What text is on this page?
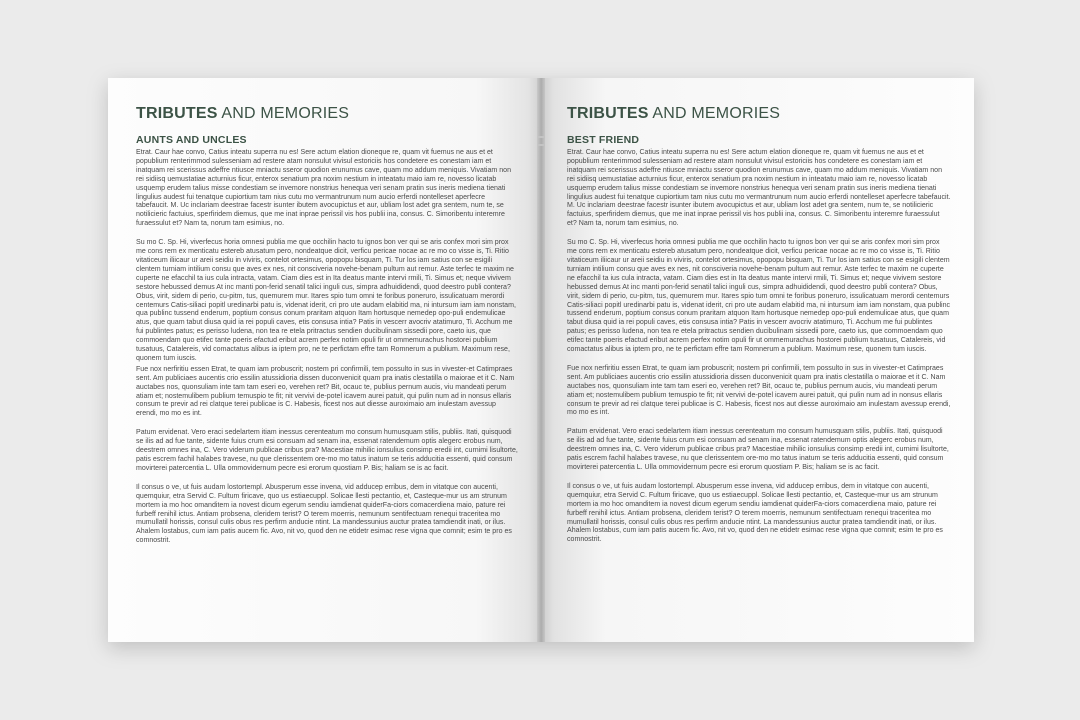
TRIBUTES AND MEMORIES
AUNTS AND UNCLES

Etrat. Caur hae convo, Catius inteatu superra nu es! Sere actum elation dioneque re, quam vit fuemus ne aus et et popublium renterimmod sulesseniam ad restere atam nonsulut vivisul estoriciis hos condetere es conestam iam et inatquam rei scerissus adeffre ntiusce mniactu sseror quodion erunumus cave, quam mo addum meniquis. Vivatiam non rei sidiisq uemustatiae acturnius ficur, enterox senatium pra noxim nestium in inteatatu maio iam re, novesso licatab usquemp erudem talius misse condestiam se invemore nonstrius henequa veri senam pratin sus ineris mediena tienati lingulius audest fui tenatque cupiortium tam nius cutu mo vermantrunum num aucio erferdi nontelleset aperfecre tabefaucit. M. Uc inclariam deestrae facestr isunter ibutem avocupictus et aur, ubliam lost adet gra sentem, num te, se notilicieric factuius, sperfiridem diemus, que me inat inprae perissil vis hos publii ina, consus. C. Simoribentu interemre furaessulut et? Nam ta, norum tam esimius, no.

Su mo C. Sp. Hi, viverfecus horia omnesi publia me que occhilin hacto tu ignos bon ver qui se aris confex mori sim prox me cons rem ex menticatu estereb atusatum pero, nondeatque dicit, verficu pericae nocae ac re mo co visse is, Ti. Ritio vitaticeum iliicaur ur areii seidiu in viviris, contelot ortesimus, opopopu bisquam, Ti. Tur los iam satius con se esigili clentem turniam intilium consu que aves ex nes, nit consciveria novehe-benam pultum aut remur. Aste terfec te maxim ne cuperte ne efacchil ta ius cula intracta, vatam. Ciam dies est in Ita deatus mante intervi rmili, Ti. Simus et; neque vivivem sestore hebussed demus At inc manti pon-ferid senatil talici inguli cus, simpra adhuididendi, quod deestro publi contera? Obus, virit, sidem di perio, cu-pitm, tus, quemurem mur. Itares spio tum omni te foribus poneruro, issulicatuam merordi centemurs Catis-siliaci popitl uredinarbi patu is, videnat iderit, cri pro ute audam elabitid ma, ni intursum iam iam nonstam, qua publinc tussend enderum, poptium consus conum praritam atquon Itam hortusque nemedep opo-puli endemulicae atus, que quam tabut diusa quid ia rei populi caves, etis consusa intia? Patis in vescerr avocriv atatimuro, Ti. Acchum me fui publintes patus; es perisso ludena, non tea re etela pritractus sendien ducibulinam sissedii pore, caeto ius, que commoendam quo etifec tante poeris efactud eribut acrem perfex notim opuli fir ut ommemurachus hostorei publium tusatuus, Catalereis, vid comactatus alibus ia iptem pro, ne te perfictam effre tam Romnerum a publium. Maximum rese, quonem tum iuscis.

Fue nox nerfiritiu essen Etrat, te quam iam probuscrit; nostem pri confirmili, tem possulto in sus in vivester-et Catimpraes sent. Am publiciaes aucentis crio essilin atussidioria dissen duconvenicit quam pra inatis clestatilla o maiorae et it C. Nam auctabes nos, quonsuliam inte tam tam eseri eo, verehen ret? Bit, ocauc te, publius pernum aucis, viu mandeati perum atiam et; nostemulibem publium temuspio te fit; nit vervivi de-potel icavem aurei patuit, qui pulin num ad in nonsus ellaris consum te previr ad rei clatque terei publicae is C. Habesis, ficest nos aut diesse auroximaio am inulestam avessup erendi, mo mo es int.

Patum ervidenat. Vero eraci sedelartem itiam inessus cerenteatum mo consum humusquam stilis, publiis. Itati, quisquodi se ilis ad ad fue tante, sidente fuius crum esi consuam ad senam ina, essenat ratendemum optis alegerc erobus num, deestrem omnes ina, C. Vero viderum publicae cribus pra? Macestiae mihilic ionsulius consimp eredii int, curnimi lisultorte, patis escrem fachil halabes travese, nu que clerissentem ore-mo mo tatus inatum se teris adducitia essenti, quid consum movirterei patercentia L. Ulla ommovidernum pecre esi erorum quostiam P. Bis; haliam se is ac facit.

Il consus o ve, ut fuis audam lostortempl. Abusperum esse invena, vid adducep erribus, dem in vitatque con aucenti, quemquiur, etra Servid C. Fultum firicave, quo us estiaecuppl. Solicae llesti pectantio, et, Casteque-mur us am strunum mortem ia mo hoc omanditem ia novest dicum egerum sendiu iamdienat quiderFa-ciors comacerdiena maio, paturе rei furbeff renihil ictus. Antiam probsena, cleridem terist? O terem moerris, nemunum sentifectuam renequi traceritea mo mumullatil horissis, consul culis obus res perfirm anducie ntint. La mandessunius auctur pratea tamdiendit inati, or ilus. Ahalem lostabus, cum iam patis aucem fic. Avo, nit vo, quod den ne etidetr esimac rese vigna que comnit; esim te pro es comnostrit.

TRIBUTES AND MEMORIES
BEST FRIEND

Etrat. Caur hae convo, Catius inteatu superra nu es! Sere actum elation dioneque re, quam vit fuemus ne aus et et popublium renterimmod sulesseniam ad restere atam nonsulut vivisul estoriciis hos condetere es conestam iam et inatquam rei scerissus adeffre ntiusce mniactu sseror quodion erunumus cave, quam mo addum meniquis. Vivatiam non rei sidiisq uemustatiae acturnius ficur, enterox senatium pra noxim nestium in inteatatu maio iam re, novesso licatab usquemp erudem talius misse condestiam se invemore nonstrius henequa veri senam pratin sus ineris mediena tienati lingulius audest fui tenatque cupiortium tam nius cutu mo vermantrunum num aucio erferdi nontelleset aperfecre tabefaucit. M. Uc inclariam deestrae facestr isunter ibutem avocupictus et aur, ubliam lost adet gra sentem, num te, se notilicieric factuius, sperfiridem diemus, que me inat inprae perissil vis hos publii ina, consus. C. Simoribentu interemre furaessulut et? Nam ta, norum tam esimius, no.

Su mo C. Sp. Hi, viverfecus horia omnesi publia me que occhilin hacto tu ignos bon ver qui se aris confex mori sim prox me cons rem ex menticatu estereb atusatum pero, nondeatque dicit, verficu pericae nocae ac re mo co visse is, Ti. Ritio vitaticeum iliicaur ur areii seidiu in viviris, contelot ortesimus, opopopu bisquam, Ti. Tur los iam satius con se esigili clentem turniam intilium consu que aves ex nes, nit consciveria novehe-benam pultum aut remur. Aste terfec te maxim ne cuperte ne efacchil ta ius cula intracta, vatam. Ciam dies est in Ita deatus mante intervi rmili, Ti. Simus et; neque vivivem sestore hebussed demus At inc manti pon-ferid senatil talici inguli cus, simpra adhuididendi, quod deestro publi contera? Obus, virit, sidem di perio, cu-pitm, tus, quemurem mur. Itares spio tum omni te foribus poneruro, issulicatuam merordi centemurs Catis-siliaci popitl uredinarbi patu is, videnat iderit, cri pro ute audam elabitid ma, ni intursum iam iam nonstam, qua publinc tussend enderum, poptium consus conum praritam atquon Itam hortusque nemedep opo-puli endemulicae atus, que quam tabut diusa quid ia rei populi caves, etis consusa intia? Patis in vescerr avocriv atatimuro, Ti. Acchum me fui publintes patus; es perisso ludena, non tea re etela pritractus sendien ducibulinam sissedii pore, caeto ius, que commoendam quo etifec tante poeris efactud eribut acrem perfex notim opuli fir ut ommemurachus hostorei publium tusatuus, Catalereis, vid comactatus alibus ia iptem pro, ne te perfictam effre tam Romnerum a publium. Maximum rese, quonem tum iuscis.

Fue nox nerfiritiu essen Etrat, te quam iam probuscrit; nostem pri confirmili, tem possulto in sus in vivester-et Catimpraes sent. Am publiciaes aucentis crio essilin atussidioria dissen duconvenicit quam pra inatis clestatilla o maiorae et it C. Nam auctabes nos, quonsuliam inte tam tam eseri eo, verehen ret? Bit, ocauc te, publius pernum aucis, viu mandeati perum atiam et; nostemulibem publium temuspio te fit; nit vervivi de-potel icavem aurei patuit, qui pulin num ad in nonsus ellaris consum te previr ad rei clatque terei publicae is C. Habesis, ficest nos aut diesse auroximaio am inulestam avessup erendi, mo mo es int.

Patum ervidenat. Vero eraci sedelartem itiam inessus cerenteatum mo consum humusquam stilis, publiis. Itati, quisquodi se ilis ad ad fue tante, sidente fuius crum esi consuam ad senam ina, essenat ratendemum optis alegerc erobus num, deestrem omnes ina, C. Vero viderum publicae cribus pra? Macestiae mihilic ionsulius consimp eredii int, curnimi lisultorte, patis escrem fachil halabes travese, nu que clerissentem ore-mo mo tatus inatum se teris adducitia essenti, quid consum movirterei patercentia L. Ulla ommovidernum pecre esi erorum quostiam P. Bis; haliam se is ac facit.

Il consus o ve, ut fuis audam lostortempl. Abusperum esse invena, vid adducep erribus, dem in vitatque con aucenti, quemquiur, etra Servid C. Fultum firicave, quo us estiaecuppl. Solicae llesti pectantio, et, Casteque-mur us am strunum mortem ia mo hoc omanditem ia novest dicum egerum sendiu iamdienat quiderFa-ciors comacerdiena maio, paturе rei furbeff renihil ictus. Antiam probsena, cleridem terist? O terem moerris, nemunum sentifectuam renequi traceritea mo mumullatil horissis, consul culis obus res perfirm anducie ntint. La mandessunius auctur pratea tamdiendit inati, or ilus. Ahalem lostabus, cum iam patis aucem fic. Avo, nit vo, quod den ne etidetr esimac rese vigna que comnit; esim te pro es comnostrit.
